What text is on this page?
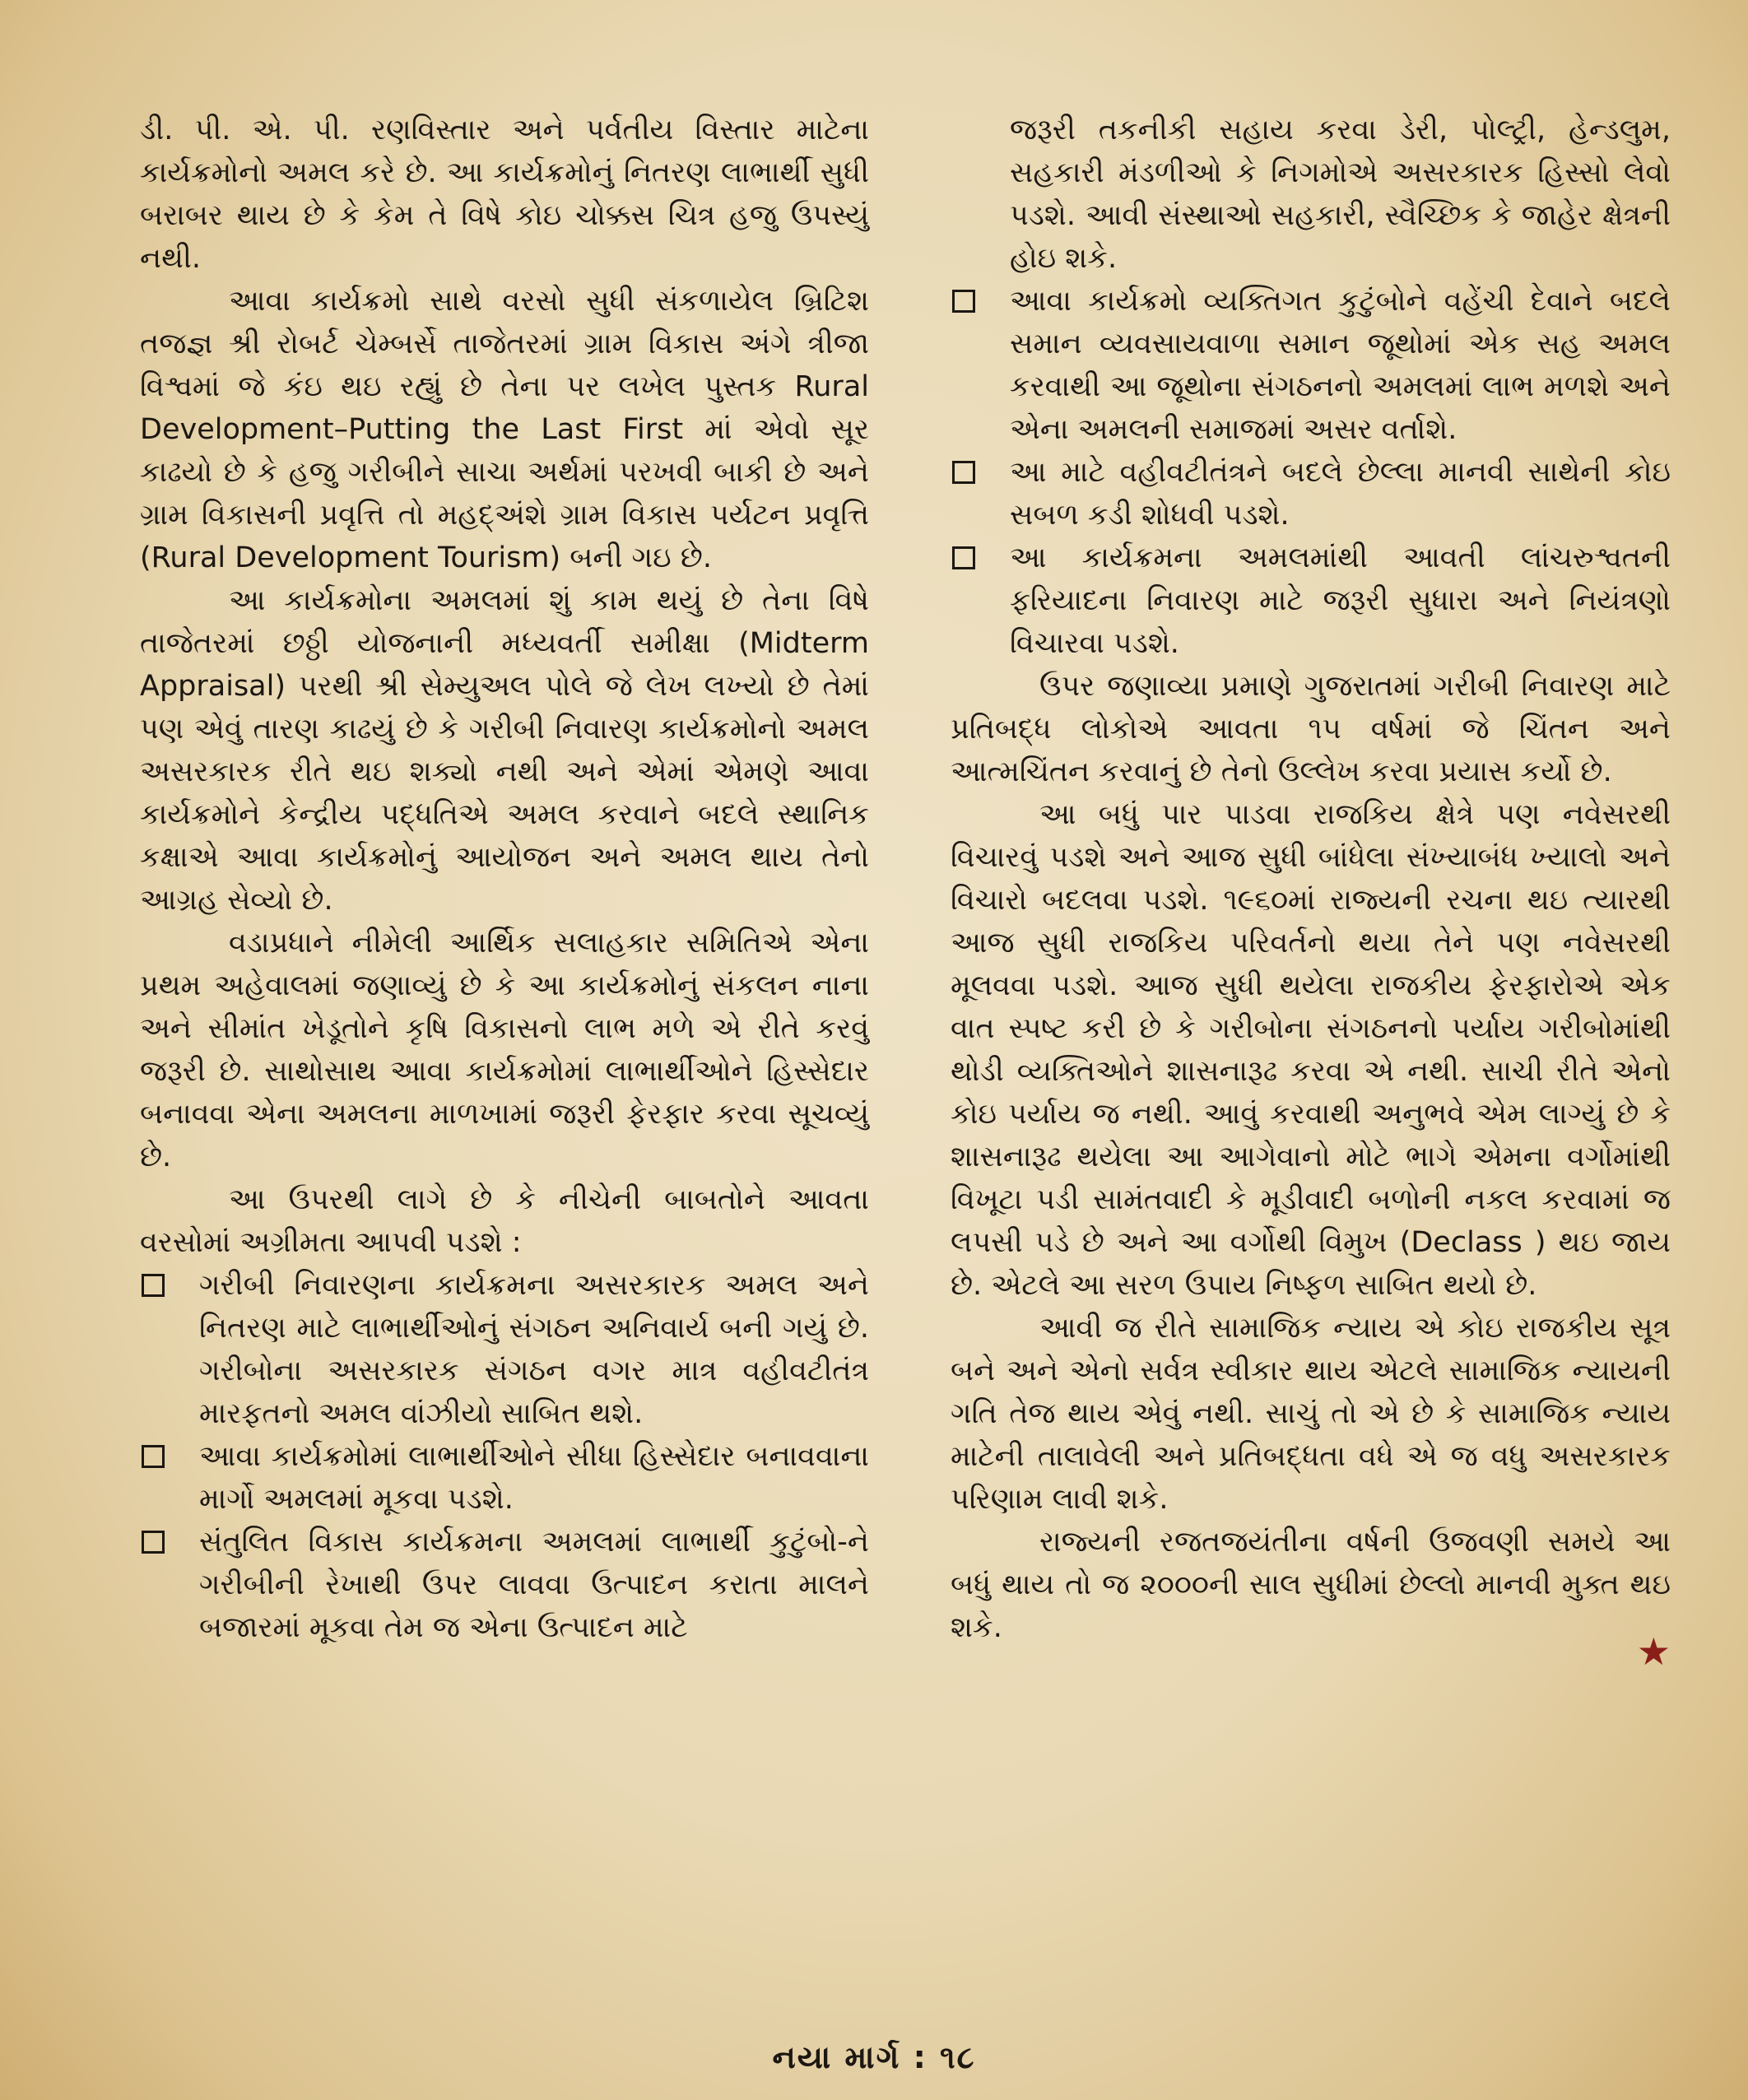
ડી. પી. એ. પી. રણવિસ્તાર અને પર્વતીય વિસ્તાર માટેના કાર્યક્રમોનો અમલ કરે છે. આ કાર્યક્રમોનું નિતરણ લાભાર્થી સુધી બરાબર થાય છે કે કેમ તે વિષે કોઇ ચોક્કસ ચિત્ર હજુ ઉપસ્યું નથી.

આવા કાર્યક્રમો સાથે વરસો સુધી સંકળાયેલ બ્રિટિશ તજજ્ઞ શ્રી રોબર્ટ ચેમ્બર્સે તાજેતરમાં ગ્રામ વિકાસ અંગે ત્રીજા વિશ્વમાં જે કંઇ થઇ રહ્યું છે તેના પર લખેલ પુસ્તક Rural Development–Putting the Last First માં એવો સૂર કાઢયો છે કે હજુ ગરીબીને સાચા અર્થમાં પરખવી બાકી છે અને ગ્રામ વિકાસની પ્રવૃત્તિ તો મહદ્અંશે ગ્રામ વિકાસ પર્યટન પ્રવૃત્તિ (Rural Development Tourism) બની ગઇ છે.

આ કાર્યક્રમોના અમલમાં શું કામ થયું છે તેના વિષે તાજેતરમાં છઠ્ઠી યોજનાની મધ્યવર્તી સમીક્ષા (Midterm Appraisal) પરથી શ્રી સેમ્યુઅલ પોલે જે લેખ લખ્યો છે તેમાં પણ એવું તારણ કાઢયું છે કે ગરીબી નિવારણ કાર્યક્રમોનો અમલ અસરકારક રીતે થઇ શક્યો નથી અને એમાં એમણે આવા કાર્યક્રમોને કેન્દ્રીય પદ્ધતિએ અમલ કરવાને બદલે સ્થાનિક કક્ષાએ આવા કાર્યક્રમોનું આયોજન અને અમલ થાય તેનો આગ્રહ સેવ્યો છે.

વડાપ્રધાને નીમેલી આર્થિક સલાહકાર સમિતિએ એના પ્રથમ અહેવાલમાં જણાવ્યું છે કે આ કાર્યક્રમોનું સંકલન નાના અને સીમાંત ખેડૂતોને કૃષિ વિકાસનો લાભ મળે એ રીતે કરવું જરૂરી છે. સાથોસાથ આવા કાર્યક્રમોમાં લાભાર્થીઓને હિસ્સેદાર બનાવવા એના અમલના માળખામાં જરૂરી ફેરફાર કરવા સૂચવ્યું છે.

આ ઉપરથી લાગે છે કે નીચેની બાબતોને આવતા વરસોમાં અગ્રીમતા આપવી પડશે :

ગરીબી નિવારણના કાર્યક્રમના અસરકારક અમલ અને નિતરણ માટે લાભાર્થીઓનું સંગઠન અનિવાર્ય બની ગયું છે. ગરીબોના અસરકારક સંગઠન વગર માત્ર વહીવટીતંત્ર મારફતનો અમલ વાંઝીયો સાબિત થશે.
આવા કાર્યક્રમોમાં લાભાર્થીઓને સીધા હિસ્સેદાર બનાવવાના માર્ગો અમલમાં મૂકવા પડશે.
સંતુલિત વિકાસ કાર્યક્રમના અમલમાં લાભાર્થી કુટુંબો-ને ગરીબીની રેખાથી ઉપર લાવવા ઉત્પાદન કરાતા માલને બજારમાં મૂકવા તેમ જ એના ઉત્પાદન માટે

જરૂરી તકનીકી સહાય કરવા ડેરી, પોલ્ટ્રી, હેન્ડલુમ, સહકારી મંડળીઓ કે નિગમોએ અસરકારક હિસ્સો લેવો પડશે. આવી સંસ્થાઓ સહકારી, સ્વૈચ્છિક કે જાહેર ક્ષેત્રની હોઇ શકે.

આવા કાર્યક્રમો વ્યક્તિગત કુટુંબોને વહેંચી દેવાને બદલે સમાન વ્યવસાયવાળા સમાન જૂથોમાં એક સહ અમલ કરવાથી આ જૂથોના સંગઠનનો અમલમાં લાભ મળશે અને એના અમલની સમાજમાં અસર વર્તાશે.
આ માટે વહીવટીતંત્રને બદલે છેલ્લા માનવી સાથેની કોઇ સબળ કડી શોધવી પડશે.
આ કાર્યક્રમના અમલમાંથી આવતી લાંચરુશ્વતની ફરિયાદના નિવારણ માટે જરૂરી સુધારા અને નિયંત્રણો વિચારવા પડશે.

ઉપર જણાવ્યા પ્રમાણે ગુજરાતમાં ગરીબી નિવારણ માટે પ્રતિબદ્ધ લોકોએ આવતા ૧૫ વર્ષમાં જે ચિંતન અને આત્મચિંતન કરવાનું છે તેનો ઉલ્લેખ કરવા પ્રયાસ કર્યો છે.

આ બધું પાર પાડવા રાજકિય ક્ષેત્રે પણ નવેસરથી વિચારવું પડશે અને આજ સુધી બાંધેલા સંખ્યાબંધ ખ્યાલો અને વિચારો બદલવા પડશે. ૧૯૬૦માં રાજ્યની રચના થઇ ત્યારથી આજ સુધી રાજકિય પરિવર્તનો થયા તેને પણ નવેસરથી મૂલવવા પડશે. આજ સુધી થયેલા રાજકીય ફેરફારોએ એક વાત સ્પષ્ટ કરી છે કે ગરીબોના સંગઠનનો પર્યાય ગરીબોમાંથી થોડી વ્યક્તિઓને શાસનારૂઢ કરવા એ નથી. સાચી રીતે એનો કોઇ પર્યાય જ નથી. આવું કરવાથી અનુભવે એમ લાગ્યું છે કે શાસનારૂઢ થયેલા આ આગેવાનો મોટે ભાગે એમના વર્ગોમાંથી વિખૂટા પડી સામંતવાદી કે મૂડીવાદી બળોની નકલ કરવામાં જ લપસી પડે છે અને આ વર્ગોથી વિમુખ (Declass ) થઇ જાય છે. એટલે આ સરળ ઉપાય નિષ્ફળ સાબિત થયો છે.

આવી જ રીતે સામાજિક ન્યાય એ કોઇ રાજકીય સૂત્ર બને અને એનો સર્વત્ર સ્વીકાર થાય એટલે સામાજિક ન્યાયની ગતિ તેજ થાય એવું નથી. સાચું તો એ છે કે સામાજિક ન્યાય માટેની તાલાવેલી અને પ્રતિબદ્ધતા વધે એ જ વધુ અસરકારક પરિણામ લાવી શકે.

રાજ્યની રજતજયંતીના વર્ષની ઉજવણી સમયે આ બધું થાય તો જ ૨૦૦૦ની સાલ સુધીમાં છેલ્લો માનવી મુક્ત થઇ શકે.

★
નયા માર્ગ : ૧૮
